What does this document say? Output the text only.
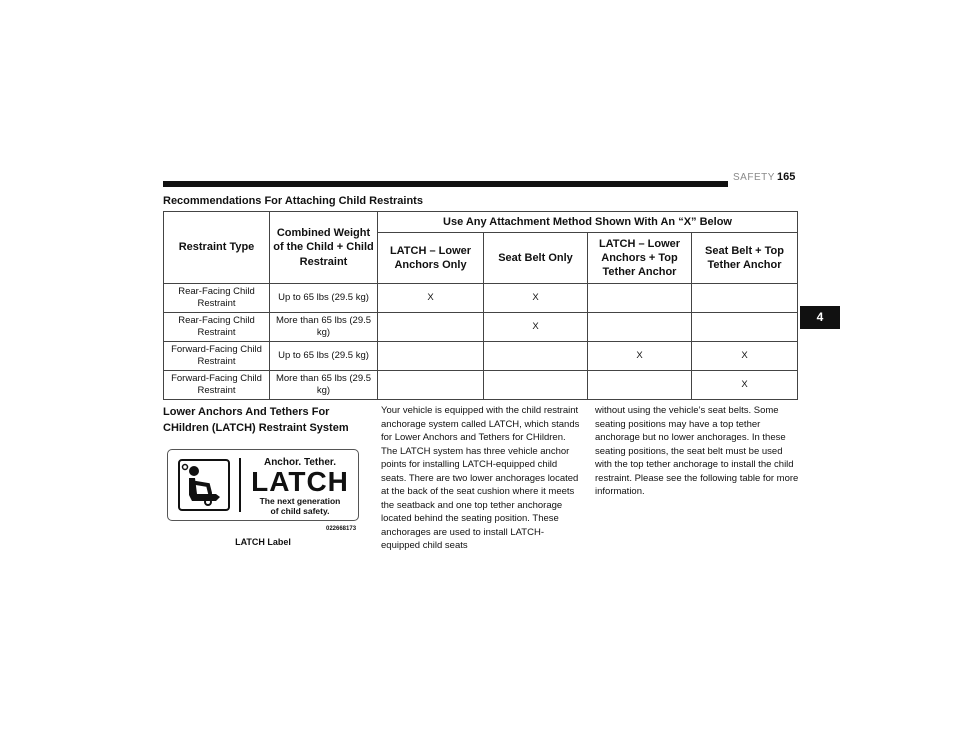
SAFETY 165
4
Recommendations For Attaching Child Restraints
Restraint Type	Combined Weight of the Child + Child Restraint	Use Any Attachment Method Shown With An “X” Below			
		LATCH – Lower Anchors Only	Seat Belt Only	LATCH – Lower Anchors + Top Tether Anchor	Seat Belt + Top Tether Anchor
Rear-Facing Child Restraint	Up to 65 lbs (29.5 kg)	X	X		
Rear-Facing Child Restraint	More than 65 lbs (29.5 kg)		X		
Forward-Facing Child Restraint	Up to 65 lbs (29.5 kg)			X	X
Forward-Facing Child Restraint	More than 65 lbs (29.5 kg)				X
Lower Anchors And Tethers For CHildren (LATCH) Restraint System
Anchor. Tether.
LATCH
The next generation
of child safety.
022668173
LATCH Label
Your vehicle is equipped with the child restraint anchorage system called LATCH, which stands for Lower Anchors and Tethers for CHildren. The LATCH system has three vehicle anchor points for installing LATCH-equipped child seats. There are two lower anchorages located at the back of the seat cushion where it meets the seatback and one top tether anchorage located behind the seating position. These anchorages are used to install LATCH-equipped child seats
without using the vehicle’s seat belts. Some seating positions may have a top tether anchorage but no lower anchorages. In these seating positions, the seat belt must be used with the top tether anchorage to install the child restraint. Please see the following table for more information.
